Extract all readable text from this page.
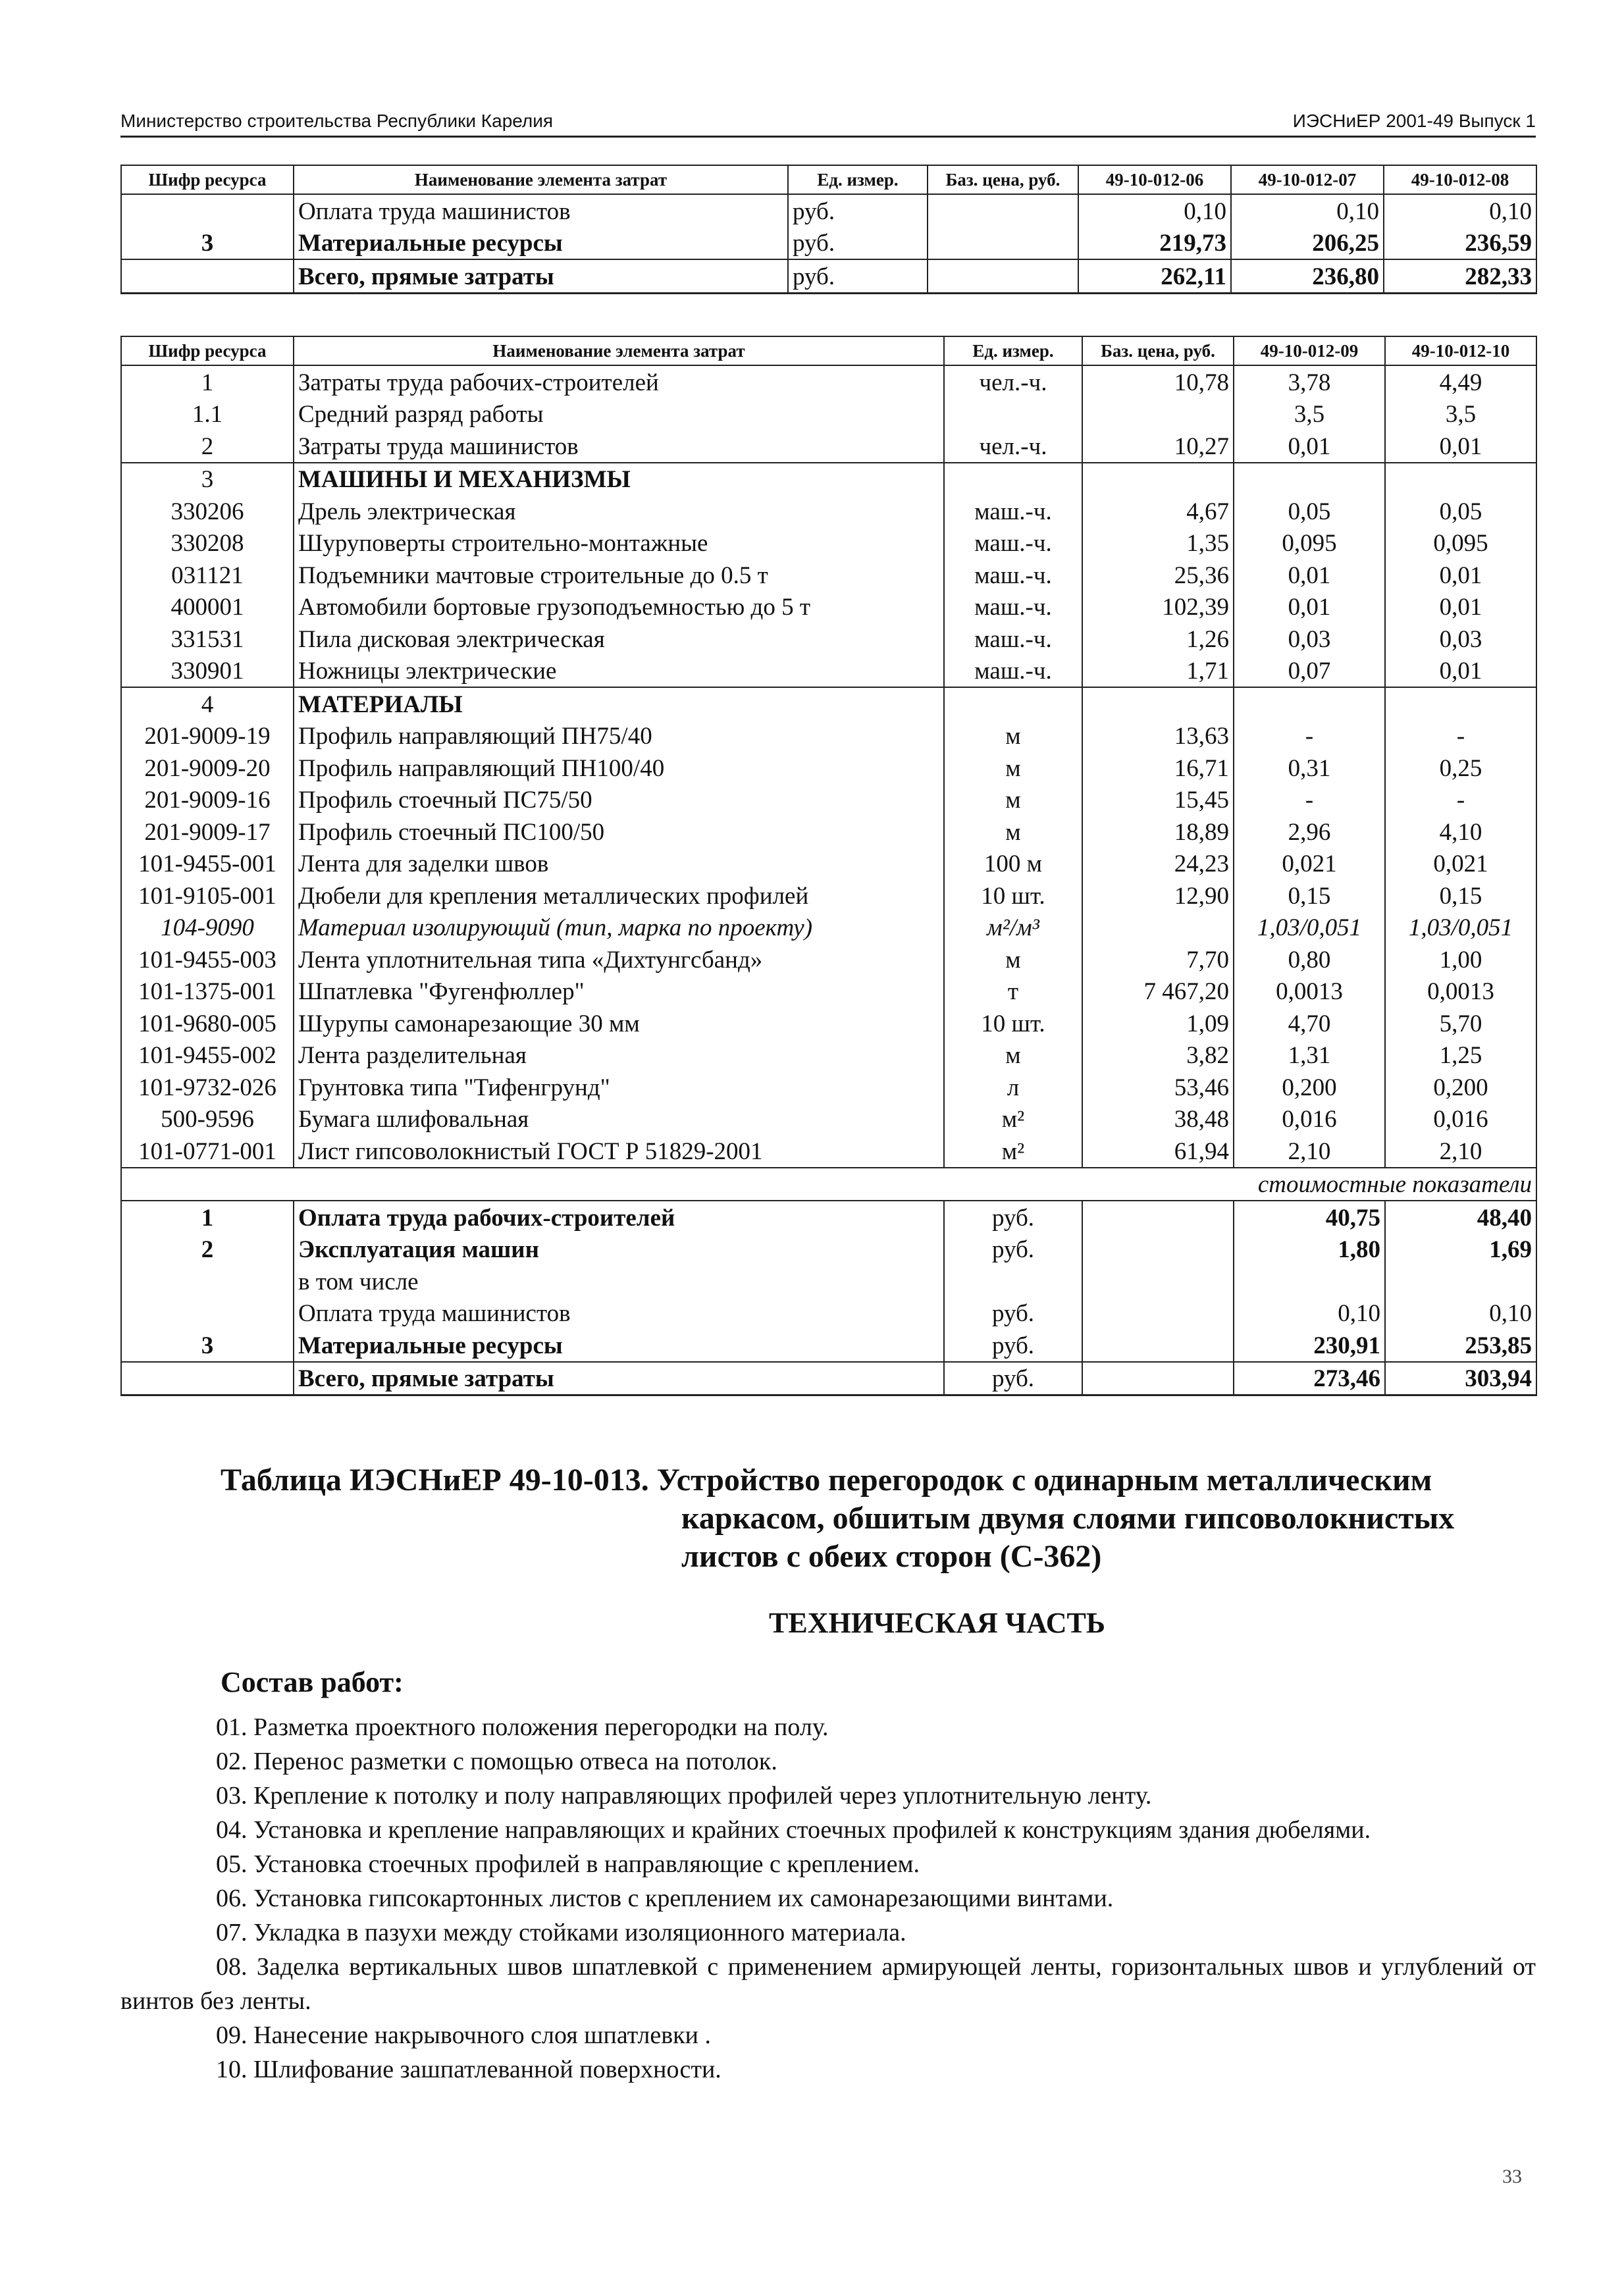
Министерство строительства Республики Карелия	ИЭСНиЕР 2001-49 Выпуск 1
Шифр ресурса	Наименование элемента затрат	Ед. измер.	Баз. цена, руб.	49-10-012-06	49-10-012-07	49-10-012-08
	Оплата труда машинистов	руб.		0,10	0,10	0,10
3	Материальные ресурсы	руб.		219,73	206,25	236,59
	Всего, прямые затраты	руб.		262,11	236,80	282,33
Шифр ресурса	Наименование элемента затрат	Ед. измер.	Баз. цена, руб.	49-10-012-09	49-10-012-10
1	Затраты труда рабочих-строителей	чел.-ч.	10,78	3,78	4,49
1.1	Средний разряд работы			3,5	3,5
2	Затраты труда машинистов	чел.-ч.	10,27	0,01	0,01
3	МАШИНЫ И МЕХАНИЗМЫ				
330206	Дрель электрическая	маш.-ч.	4,67	0,05	0,05
330208	Шуруповерты строительно-монтажные	маш.-ч.	1,35	0,095	0,095
031121	Подъемники мачтовые строительные до 0.5 т	маш.-ч.	25,36	0,01	0,01
400001	Автомобили бортовые грузоподъемностью до 5 т	маш.-ч.	102,39	0,01	0,01
331531	Пила дисковая электрическая	маш.-ч.	1,26	0,03	0,03
330901	Ножницы электрические	маш.-ч.	1,71	0,07	0,01
4	МАТЕРИАЛЫ				
201-9009-19	Профиль направляющий ПН75/40	м	13,63	-	-
201-9009-20	Профиль направляющий ПН100/40	м	16,71	0,31	0,25
201-9009-16	Профиль стоечный ПС75/50	м	15,45	-	-
201-9009-17	Профиль стоечный ПС100/50	м	18,89	2,96	4,10
101-9455-001	Лента для заделки швов	100 м	24,23	0,021	0,021
101-9105-001	Дюбели для крепления металлических профилей	10 шт.	12,90	0,15	0,15
104-9090	Материал изолирующий (тип, марка по проекту)	м²/м³		1,03/0,051	1,03/0,051
101-9455-003	Лента уплотнительная типа «Дихтунгсбанд»	м	7,70	0,80	1,00
101-1375-001	Шпатлевка "Фугенфюллер"	т	7 467,20	0,0013	0,0013
101-9680-005	Шурупы самонарезающие 30 мм	10 шт.	1,09	4,70	5,70
101-9455-002	Лента разделительная	м	3,82	1,31	1,25
101-9732-026	Грунтовка типа "Тифенгрунд"	л	53,46	0,200	0,200
500-9596	Бумага шлифовальная	м²	38,48	0,016	0,016
101-0771-001	Лист гипсоволокнистый ГОСТ Р 51829-2001	м²	61,94	2,10	2,10
стоимостные показатели					
1	Оплата труда рабочих-строителей	руб.		40,75	48,40
2	Эксплуатация машин	руб.		1,80	1,69
	в том числе				
	Оплата труда машинистов	руб.		0,10	0,10
3	Материальные ресурсы	руб.		230,91	253,85
	Всего, прямые затраты	руб.		273,46	303,94
Таблица ИЭСНиЕР 49-10-013. Устройство перегородок с одинарным металлическим
каркасом, обшитым двумя слоями гипсоволокнистых
листов с обеих сторон (С-362)
ТЕХНИЧЕСКАЯ ЧАСТЬ
Состав работ:

01. Разметка проектного положения перегородки на полу.

02. Перенос разметки с помощью отвеса на потолок.

03. Крепление к потолку и полу направляющих профилей через уплотнительную ленту.

04. Установка и крепление направляющих и крайних стоечных профилей к конструкциям здания дюбелями.

05. Установка стоечных профилей в направляющие с креплением.

06. Установка гипсокартонных листов с креплением их самонарезающими винтами.

07. Укладка в пазухи между стойками изоляционного материала.

08. Заделка вертикальных швов шпатлевкой с применением армирующей ленты, горизонтальных швов и углублений от винтов без ленты.

09. Нанесение накрывочного слоя шпатлевки .

10. Шлифование зашпатлеванной поверхности.

33
